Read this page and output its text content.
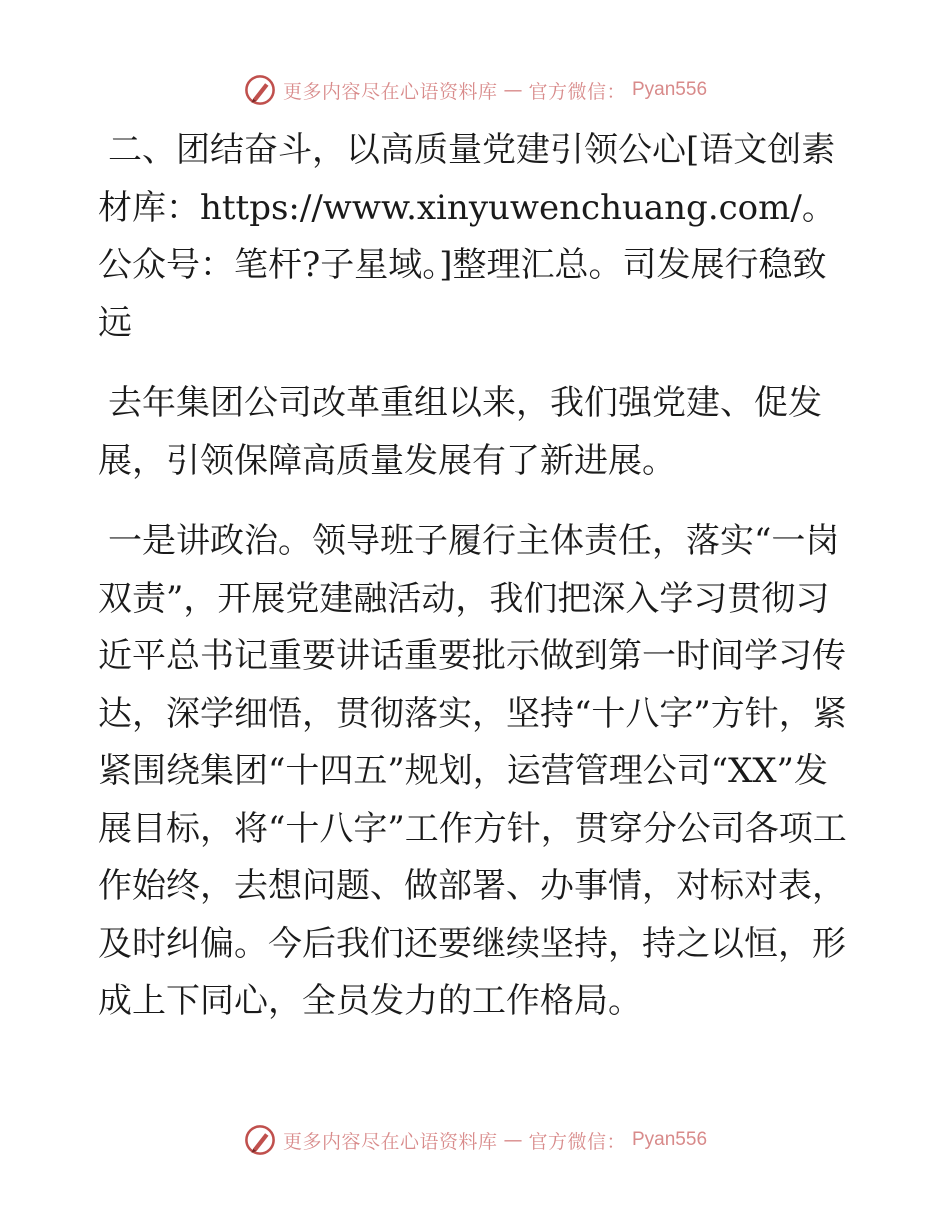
更多内容尽在心语资料库 — 官方微信： Pyan556

二、团结奋斗，以高质量党建引领公心[语文创素材库：https://www.xinyuwenchuang.com/。公众号：笔杆?子星域。]整理汇总。司发展行稳致远

去年集团公司改革重组以来，我们强党建、促发展，引领保障高质量发展有了新进展。

一是讲政治。领导班子履行主体责任，落实“一岗双责”，开展党建融活动，我们把深入学习贯彻习近平总书记重要讲话重要批示做到第一时间学习传达，深学细悟，贯彻落实，坚持“十八字”方针，紧紧围绕集团“十四五”规划，运营管理公司“XX”发展目标，将“十八字”工作方针，贯穿分公司各项工作始终，去想问题、做部署、办事情，对标对表，及时纠偏。今后我们还要继续坚持，持之以恒，形成上下同心，全员发力的工作格局。

更多内容尽在心语资料库 — 官方微信： Pyan556
